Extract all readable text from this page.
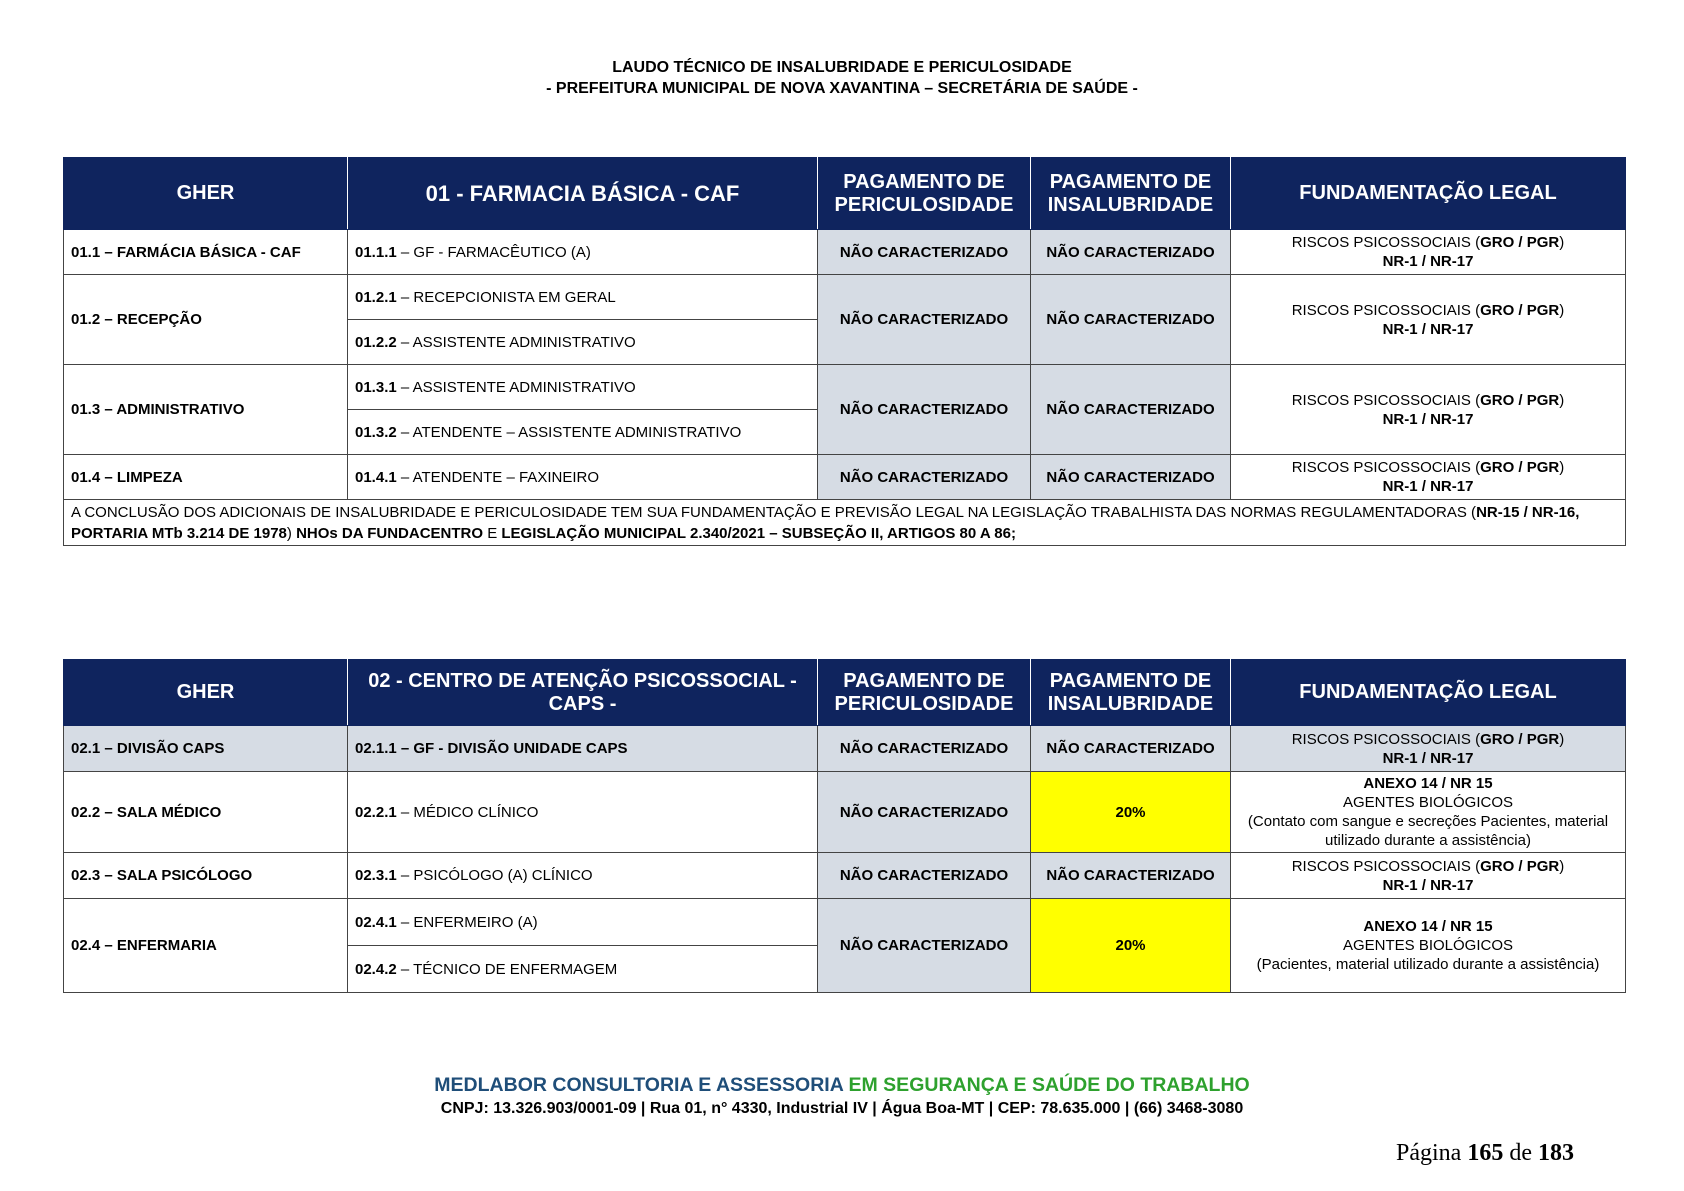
LAUDO TÉCNICO DE INSALUBRIDADE E PERICULOSIDADE
- PREFEITURA MUNICIPAL DE NOVA XAVANTINA – SECRETÁRIA DE SAÚDE -
GHER	01 - FARMACIA BÁSICA - CAF	PAGAMENTO DE PERICULOSIDADE	PAGAMENTO DE INSALUBRIDADE	FUNDAMENTAÇÃO LEGAL
01.1 – FARMÁCIA BÁSICA - CAF	01.1.1 – GF - FARMACÊUTICO (A)	NÃO CARACTERIZADO	NÃO CARACTERIZADO	RISCOS PSICOSSOCIAIS (GRO / PGR)
NR-1 / NR-17
01.2 – RECEPÇÃO	01.2.1 – RECEPCIONISTA EM GERAL	NÃO CARACTERIZADO	NÃO CARACTERIZADO	RISCOS PSICOSSOCIAIS (GRO / PGR)
NR-1 / NR-17
	01.2.2 – ASSISTENTE ADMINISTRATIVO			
01.3 – ADMINISTRATIVO	01.3.1 – ASSISTENTE ADMINISTRATIVO	NÃO CARACTERIZADO	NÃO CARACTERIZADO	RISCOS PSICOSSOCIAIS (GRO / PGR)
NR-1 / NR-17
	01.3.2 – ATENDENTE – ASSISTENTE ADMINISTRATIVO			
01.4 – LIMPEZA	01.4.1 – ATENDENTE – FAXINEIRO	NÃO CARACTERIZADO	NÃO CARACTERIZADO	RISCOS PSICOSSOCIAIS (GRO / PGR)
NR-1 / NR-17
A CONCLUSÃO DOS ADICIONAIS DE INSALUBRIDADE E PERICULOSIDADE TEM SUA FUNDAMENTAÇÃO E PREVISÃO LEGAL NA LEGISLAÇÃO TRABALHISTA DAS NORMAS REGULAMENTADORAS (NR-15 / NR-16, PORTARIA MTb 3.214 DE 1978) NHOs DA FUNDACENTRO E LEGISLAÇÃO MUNICIPAL 2.340/2021 – SUBSEÇÃO II, ARTIGOS 80 A 86;				
GHER	02 - CENTRO DE ATENÇÃO PSICOSSOCIAL - CAPS -	PAGAMENTO DE PERICULOSIDADE	PAGAMENTO DE INSALUBRIDADE	FUNDAMENTAÇÃO LEGAL
02.1 – DIVISÃO CAPS	02.1.1 – GF - DIVISÃO UNIDADE CAPS	NÃO CARACTERIZADO	NÃO CARACTERIZADO	RISCOS PSICOSSOCIAIS (GRO / PGR)
NR-1 / NR-17
02.2 – SALA MÉDICO	02.2.1 – MÉDICO CLÍNICO	NÃO CARACTERIZADO	20%	ANEXO 14 / NR 15
AGENTES BIOLÓGICOS
(Contato com sangue e secreções Pacientes, material utilizado durante a assistência)
02.3 – SALA PSICÓLOGO	02.3.1 – PSICÓLOGO (A) CLÍNICO	NÃO CARACTERIZADO	NÃO CARACTERIZADO	RISCOS PSICOSSOCIAIS (GRO / PGR)
NR-1 / NR-17
02.4 – ENFERMARIA	02.4.1 – ENFERMEIRO (A)	NÃO CARACTERIZADO	20%	ANEXO 14 / NR 15
AGENTES BIOLÓGICOS
(Pacientes, material utilizado durante a assistência)
	02.4.2 – TÉCNICO DE ENFERMAGEM			
MEDLABOR CONSULTORIA E ASSESSORIA EM SEGURANÇA E SAÚDE DO TRABALHO
CNPJ: 13.326.903/0001-09 | Rua 01, n° 4330, Industrial IV | Água Boa-MT | CEP: 78.635.000 | (66) 3468-3080
Página 165 de 183
